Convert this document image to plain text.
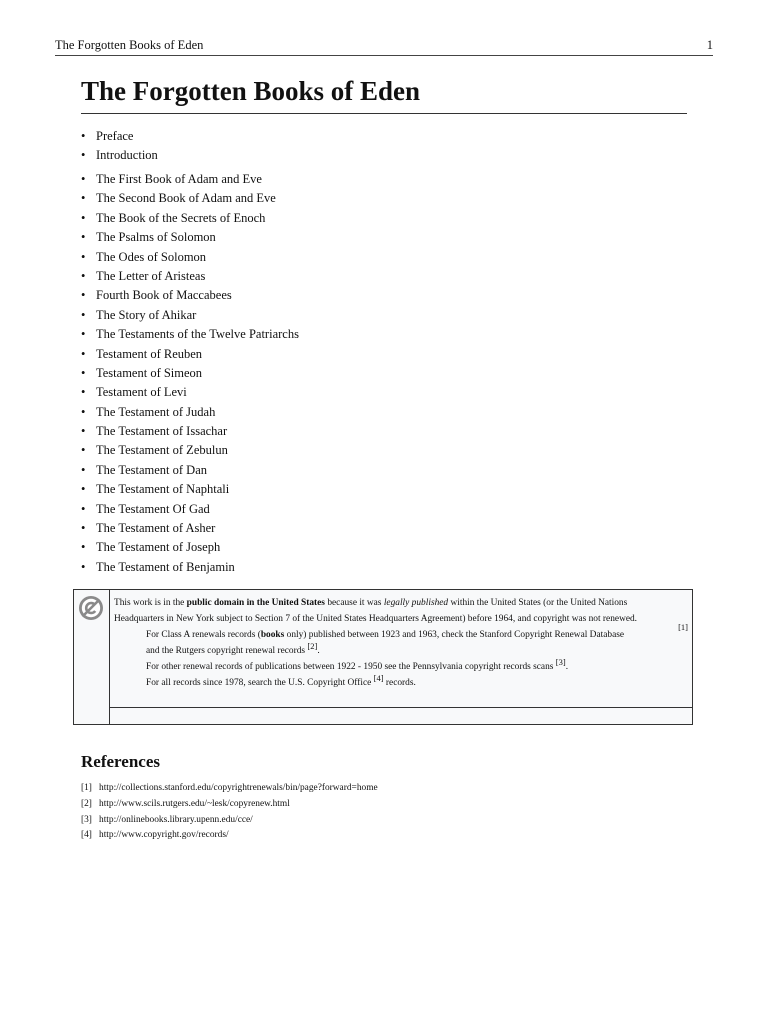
The Forgotten Books of Eden	1
The Forgotten Books of Eden
• Preface
• Introduction
• The First Book of Adam and Eve
• The Second Book of Adam and Eve
• The Book of the Secrets of Enoch
• The Psalms of Solomon
• The Odes of Solomon
• The Letter of Aristeas
• Fourth Book of Maccabees
• The Story of Ahikar
• The Testaments of the Twelve Patriarchs
• Testament of Reuben
• Testament of Simeon
• Testament of Levi
• The Testament of Judah
• The Testament of Issachar
• The Testament of Zebulun
• The Testament of Dan
• The Testament of Naphtali
• The Testament Of Gad
• The Testament of Asher
• The Testament of Joseph
• The Testament of Benjamin
This work is in the public domain in the United States because it was legally published within the United States (or the United Nations
Headquarters in New York subject to Section 7 of the United States Headquarters Agreement) before 1964, and copyright was not renewed.
For Class A renewals records (books only) published between 1923 and 1963, check the Stanford Copyright Renewal Database
[1]
and the Rutgers copyright renewal records [2].
For other renewal records of publications between 1922 - 1950 see the Pennsylvania copyright records scans [3].
For all records since 1978, search the U.S. Copyright Office [4] records.
References
[1] http://collections.stanford.edu/copyrightrenewals/bin/page?forward=home
[2] http://www.scils.rutgers.edu/~lesk/copyrenew.html
[3] http://onlinebooks.library.upenn.edu/cce/
[4] http://www.copyright.gov/records/
